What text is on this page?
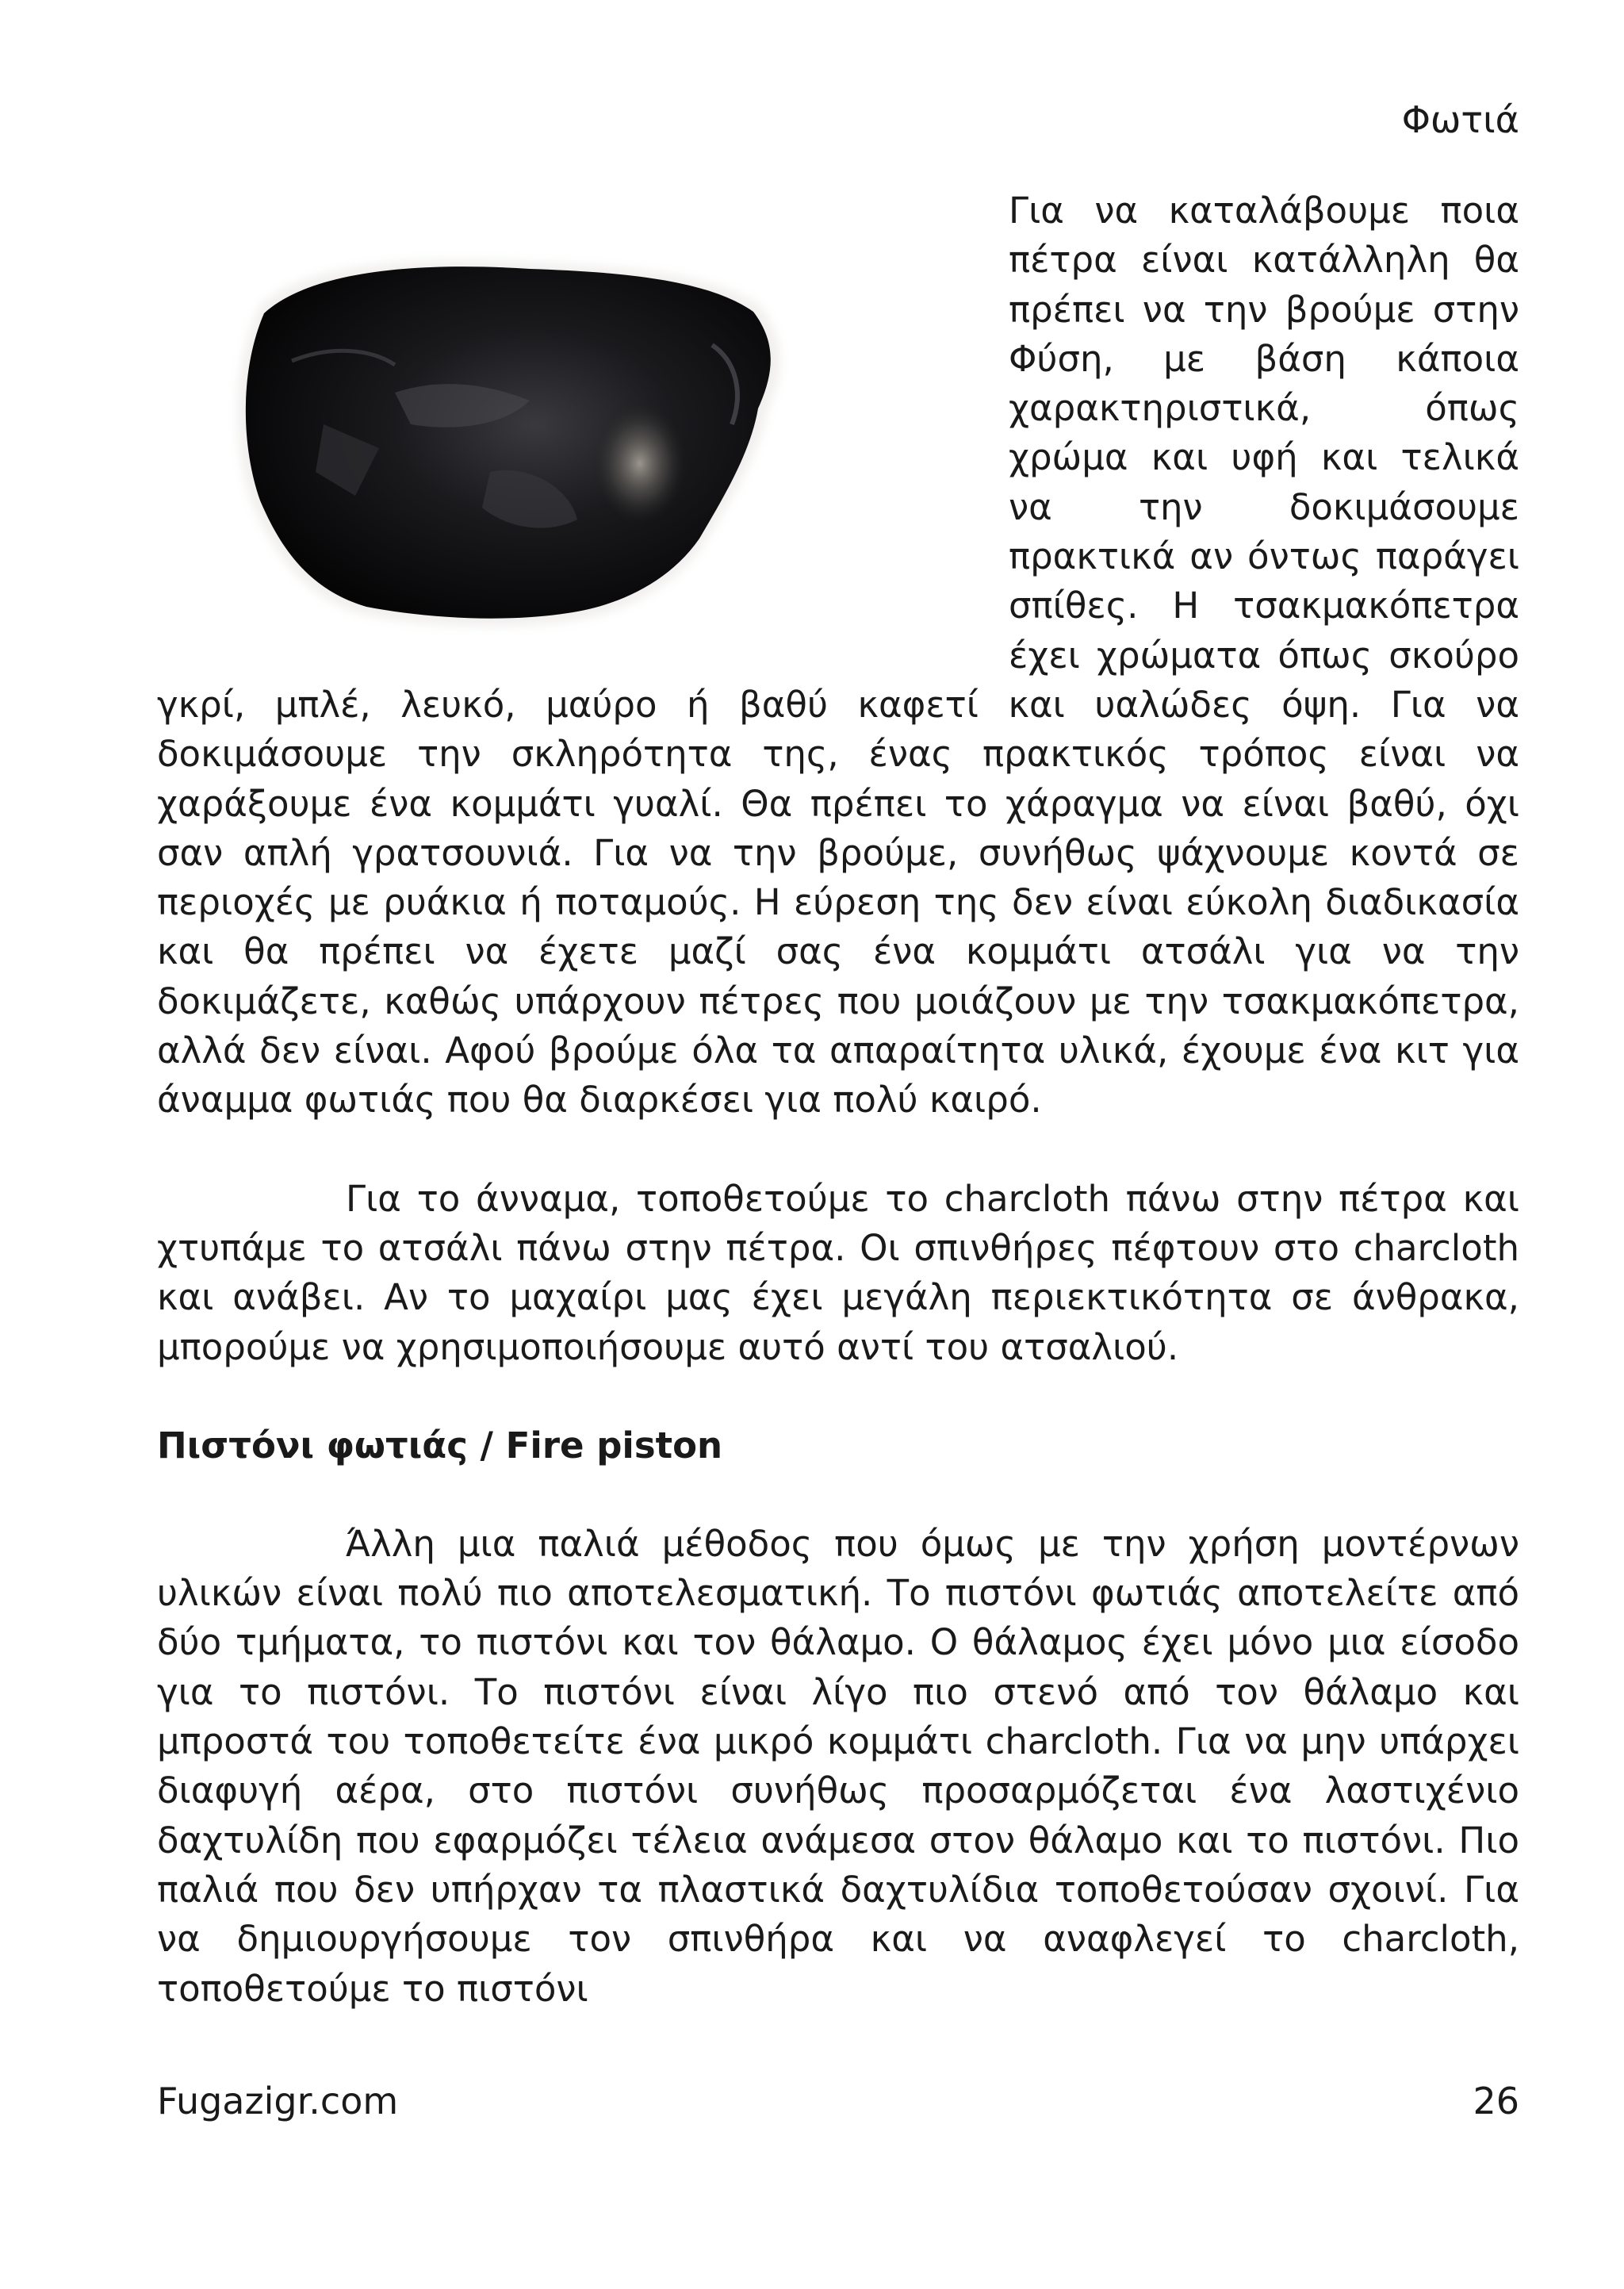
Φωτιά

Για να καταλάβουμε ποια πέτρα είναι κατάλληλη θα πρέπει να την βρούμε στην Φύση, με βάση κάποια χαρακτηριστικά, όπως χρώμα και υφή και τελικά να την δοκιμάσουμε πρακτικά αν όντως παράγει σπίθες. Η τσακμακόπετρα έχει χρώματα όπως σκούρο γκρί, μπλέ, λευκό, μαύρο ή βαθύ καφετί και υαλώδες όψη. Για να δοκιμάσουμε την σκληρότητα της, ένας πρακτικός τρόπος είναι να χαράξουμε ένα κομμάτι γυαλί. Θα πρέπει το χάραγμα να είναι βαθύ, όχι σαν απλή γρατσουνιά. Για να την βρούμε, συνήθως ψάχνουμε κοντά σε περιοχές με ρυάκια ή ποταμούς. Η εύρεση της δεν είναι εύκολη διαδικασία και θα πρέπει να έχετε μαζί σας ένα κομμάτι ατσάλι για να την δοκιμάζετε, καθώς υπάρχουν πέτρες που μοιάζουν με την τσακμακόπετρα, αλλά δεν είναι. Αφού βρούμε όλα τα απαραίτητα υλικά, έχουμε ένα κιτ για άναμμα φωτιάς που θα διαρκέσει για πολύ καιρό.

Για το άνναμα, τοποθετούμε το charcloth πάνω στην πέτρα και χτυπάμε το ατσάλι πάνω στην πέτρα. Οι σπινθήρες πέφτουν στο charcloth και ανάβει. Αν το μαχαίρι μας έχει μεγάλη περιεκτικότητα σε άνθρακα, μπορούμε να χρησιμοποιήσουμε αυτό αντί του ατσαλιού.

Πιστόνι φωτιάς / Fire piston

Άλλη μια παλιά μέθοδος που όμως με την χρήση μοντέρνων υλικών είναι πολύ πιο αποτελεσματική. Το πιστόνι φωτιάς αποτελείτε από δύο τμήματα, το πιστόνι και τον θάλαμο. Ο θάλαμος έχει μόνο μια είσοδο για το πιστόνι. Το πιστόνι είναι λίγο πιο στενό από τον θάλαμο και μπροστά του τοποθετείτε ένα μικρό κομμάτι charcloth. Για να μην υπάρχει διαφυγή αέρα, στο πιστόνι συνήθως προσαρμόζεται ένα λαστιχένιο δαχτυλίδη που εφαρμόζει τέλεια ανάμεσα στον θάλαμο και το πιστόνι. Πιο παλιά που δεν υπήρχαν τα πλαστικά δαχτυλίδια τοποθετούσαν σχοινί. Για να δημιουργήσουμε τον σπινθήρα και να αναφλεγεί το charcloth, τοποθετούμε το πιστόνι

Fugazigr.com	26
